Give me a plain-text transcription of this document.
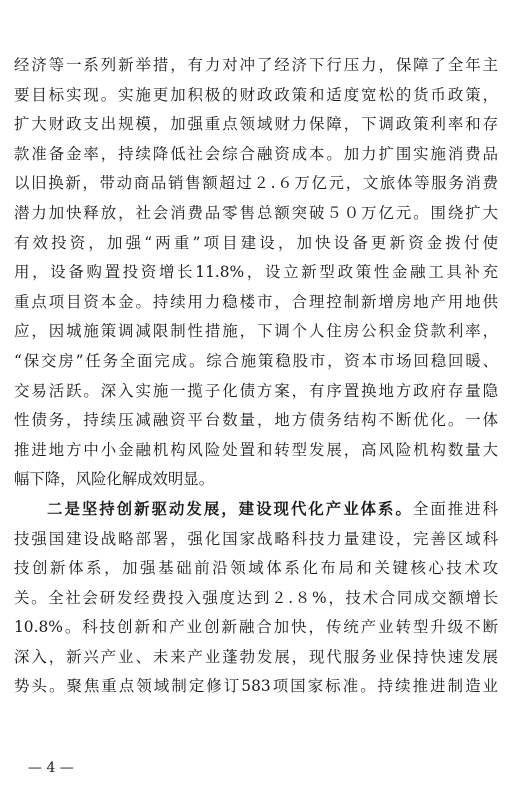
经济等一系列新举措，有力对冲了经济下行压力，保障了全年主
要目标实现。实施更加积极的财政政策和适度宽松的货币政策，
扩大财政支出规模，加强重点领域财力保障，下调政策利率和存
款准备金率，持续降低社会综合融资成本。加力扩围实施消费品
以旧换新，带动商品销售额超过２.６万亿元，文旅体等服务消费
潜力加快释放，社会消费品零售总额突破５０万亿元。围绕扩大
有效投资，加强“两重”项目建设，加快设备更新资金拨付使
用，设备购置投资增长11.8%，设立新型政策性金融工具补充
重点项目资本金。持续用力稳楼市，合理控制新增房地产用地供
应，因城施策调减限制性措施，下调个人住房公积金贷款利率，
“保交房”任务全面完成。综合施策稳股市，资本市场回稳回暖、
交易活跃。深入实施一揽子化债方案，有序置换地方政府存量隐
性债务，持续压减融资平台数量，地方债务结构不断优化。一体
推进地方中小金融机构风险处置和转型发展，高风险机构数量大
幅下降，风险化解成效明显。
二是坚持创新驱动发展，建设现代化产业体系。全面推进科
技强国建设战略部署，强化国家战略科技力量建设，完善区域科
技创新体系，加强基础前沿领域体系化布局和关键核心技术攻
关。全社会研发经费投入强度达到２.８%，技术合同成交额增长
10.8%。科技创新和产业创新融合加快，传统产业转型升级不断
深入，新兴产业、未来产业蓬勃发展，现代服务业保持快速发展
势头。聚焦重点领域制定修订583项国家标准。持续推进制造业
— 4 —
